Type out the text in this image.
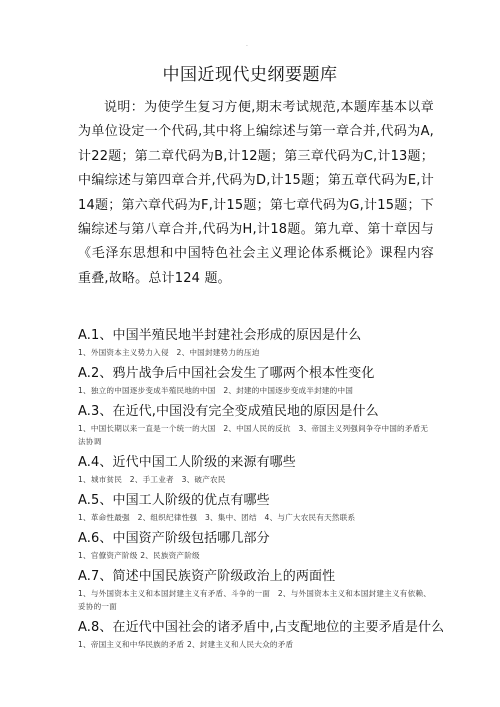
.
中国近现代史纲要题库

说明：为使学生复习方便,期末考试规范,本题库基本以章为单位设定一个代码,其中将上编综述与第一章合并,代码为A,计22题；第二章代码为B,计12题；第三章代码为C,计13题；中编综述与第四章合并,代码为D,计15题；第五章代码为E,计14题；第六章代码为F,计15题；第七章代码为G,计15题；下编综述与第八章合并,代码为H,计18题。第九章、第十章因与《毛泽东思想和中国特色社会主义理论体系概论》课程内容重叠,故略。总计124 题。

A.1、中国半殖民地半封建社会形成的原因是什么
1、外国资本主义势力入侵　2、中国封建势力的压迫
A.2、鸦片战争后中国社会发生了哪两个根本性变化
1、独立的中国逐步变成半殖民地的中国　2、封建的中国逐步变成半封建的中国
A.3、在近代,中国没有完全变成殖民地的原因是什么
1、中国长期以来一直是一个统一的大国　2、中国人民的反抗　3、帝国主义列强间争夺中国的矛盾无法协调
A.4、近代中国工人阶级的来源有哪些
1、城市贫民　2、手工业者　3、破产农民
A.5、中国工人阶级的优点有哪些
1、革命性最强　2、组织纪律性强　3、集中、团结　4、与广大农民有天然联系
A.6、中国资产阶级包括哪几部分
1、官僚资产阶级 2、民族资产阶级
A.7、简述中国民族资产阶级政治上的两面性
1、与外国资本主义和本国封建主义有矛盾、斗争的一面　2、与外国资本主义和本国封建主义有依赖、妥协的一面
A.8、在近代中国社会的诸矛盾中,占支配地位的主要矛盾是什么
1、帝国主义和中华民族的矛盾 2、封建主义和人民大众的矛盾
